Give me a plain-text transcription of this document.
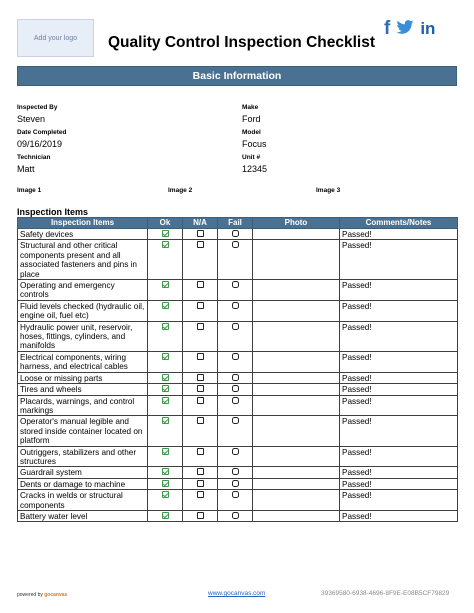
Add your logo Quality Control Inspection Checklist
f in
Basic Information
Inspected By
Steven
Date Completed
09/16/2019
Technician
Matt
Make
Ford
Model
Focus
Unit #
12345
Image 1	Image 2	Image 3
Inspection Items
Inspection Items	Ok	N/A	Fail	Photo	Comments/Notes
Safety devices					Passed!
Structural and other critical components present and all associated fasteners and pins in place					Passed!
Operating and emergency controls					Passed!
Fluid levels checked (hydraulic oil, engine oil, fuel etc)					Passed!
Hydraulic power unit, reservoir, hoses, fittings, cylinders, and manifolds					Passed!
Electrical components, wiring harness, and electrical cables					Passed!
Loose or missing parts					Passed!
Tires and wheels					Passed!
Placards, warnings, and control markings					Passed!
Operator's manual legible and stored inside container located on platform					Passed!
Outriggers, stabilizers and other structures					Passed!
Guardrail system					Passed!
Dents or damage to machine					Passed!
Cracks in welds or structural components					Passed!
Battery water level					Passed!
powered by gocanvas	www.gocanvas.com	39369580-6938-4696-8F9E-E08B5CF79829
